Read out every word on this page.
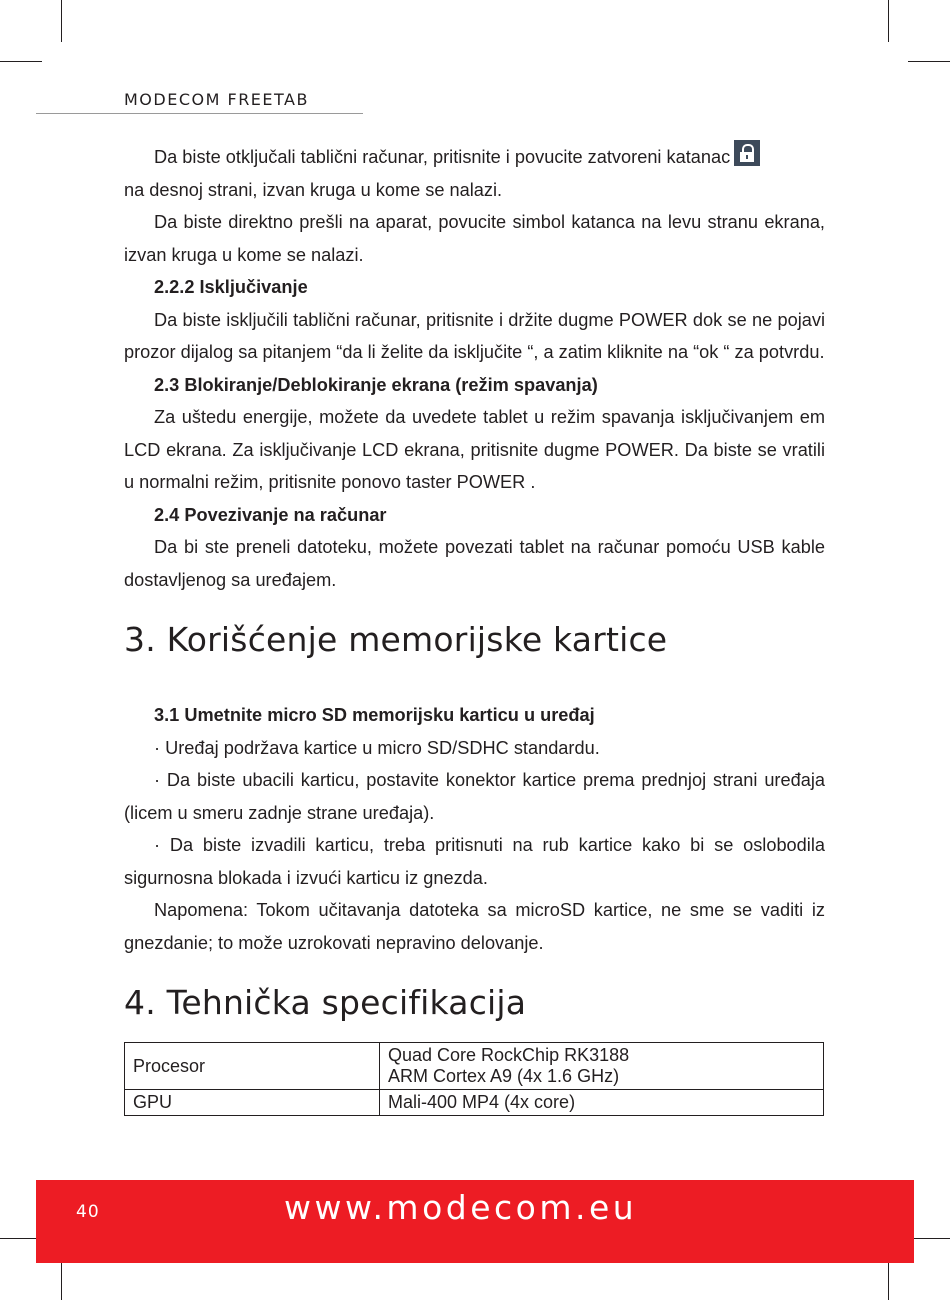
MODECOM FREETAB

Da biste otključali tablični računar, pritisnite i povucite zatvoreni katanac

na desnoj strani, izvan kruga u kome se nalazi.

Da biste direktno prešli na aparat, povucite simbol katanca na levu stranu ekrana, izvan kruga u kome se nalazi.

2.2.2 Isključivanje

Da biste isključili tablični računar, pritisnite i držite dugme POWER dok se ne pojavi prozor dijalog sa pitanjem “da li želite da isključite “, a zatim kliknite na “ok “ za potvrdu.

2.3 Blokiranje/Deblokiranje ekrana (režim spavanja)

Za uštedu energije, možete da uvedete tablet u režim spavanja isključivanjem em LCD ekrana. Za isključivanje LCD ekrana, pritisnite dugme POWER. Da biste se vratili u normalni režim, pritisnite ponovo taster POWER .

2.4 Povezivanje na računar

Da bi ste preneli datoteku, možete povezati tablet na računar pomoću USB kable dostavljenog sa uređajem.

3. Korišćenje memorijske kartice

3.1 Umetnite micro SD memorijsku karticu u uređaj

· Uređaj podržava kartice u micro SD/SDHC standardu.

· Da biste ubacili karticu, postavite konektor kartice prema prednjoj strani uređaja (licem u smeru zadnje strane uređaja).

· Da biste izvadili karticu, treba pritisnuti na rub kartice kako bi se oslobodila sigurnosna blokada i izvući karticu iz gnezda.

Napomena: Tokom učitavanja datoteka sa microSD kartice, ne sme se vaditi iz gnezdanie; to može uzrokovati nepravino delovanje.

4. Tehnička specifikacija
Procesor	Quad Core RockChip RK3188
ARM Cortex A9 (4x 1.6 GHz)

GPU	Mali-400 MP4 (4x core)
40	www.modecom.eu
